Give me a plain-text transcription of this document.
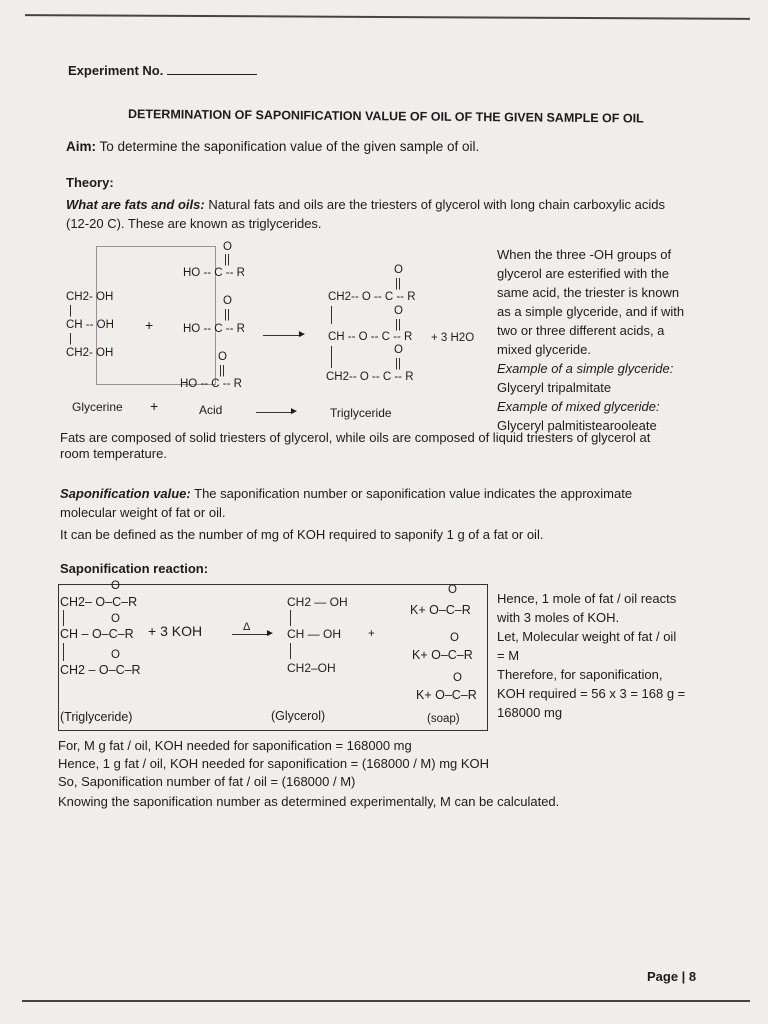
Experiment No.
DETERMINATION OF SAPONIFICATION VALUE OF OIL OF THE GIVEN SAMPLE OF OIL
Aim: To determine the saponification value of the given sample of oil.
Theory:
What are fats and oils: Natural fats and oils are the triesters of glycerol with long chain carboxylic acids
(12-20 C). These are known as triglycerides.
CH2- OH
|
CH -- OH
|
CH2- OH
+
O
||
HO -- C -- R
O
||
HO -- C -- R
O
||
HO -- C -- R
►
O
||
CH2-- O -- C -- R
O
||
CH -- O -- C -- R + 3 H2O
O
||
CH2-- O -- C -- R
Glycerine +	Acid	►	Triglyceride
When the three -OH groups of
glycerol are esterified with the
same acid, the triester is known
as a simple glyceride, and if with
two or three different acids, a
mixed glyceride.
Example of a simple glyceride:
Glyceryl tripalmitate
Example of mixed glyceride:
Glyceryl palmitistearooleate
Fats are composed of solid triesters of glycerol, while oils are composed of liquid triesters of glycerol at
room temperature.
Saponification value: The saponification number or saponification value indicates the approximate
molecular weight of fat or oil.
It can be defined as the number of mg of KOH required to saponify 1 g of a fat or oil.
Saponification reaction:
O
CH2– O–C–R
O
CH – O–C–R
O
CH2 – O–C–R
+ 3 KOH	Δ
►
CH2 — OH
CH — OH
CH2–OH
+
O
K+ O–C–R
O
K+ O–C–R
O
K+ O–C–R
(Triglyceride)	(Glycerol)	(soap)
Hence, 1 mole of fat / oil reacts
with 3 moles of KOH.
Let, Molecular weight of fat / oil
= M
Therefore, for saponification,
KOH required = 56 x 3 = 168 g =
168000 mg
For, M g fat / oil, KOH needed for saponification = 168000 mg
Hence, 1 g fat / oil, KOH needed for saponification = (168000 / M) mg KOH
So, Saponification number of fat / oil = (168000 / M)
Knowing the saponification number as determined experimentally, M can be calculated.
Page | 8
